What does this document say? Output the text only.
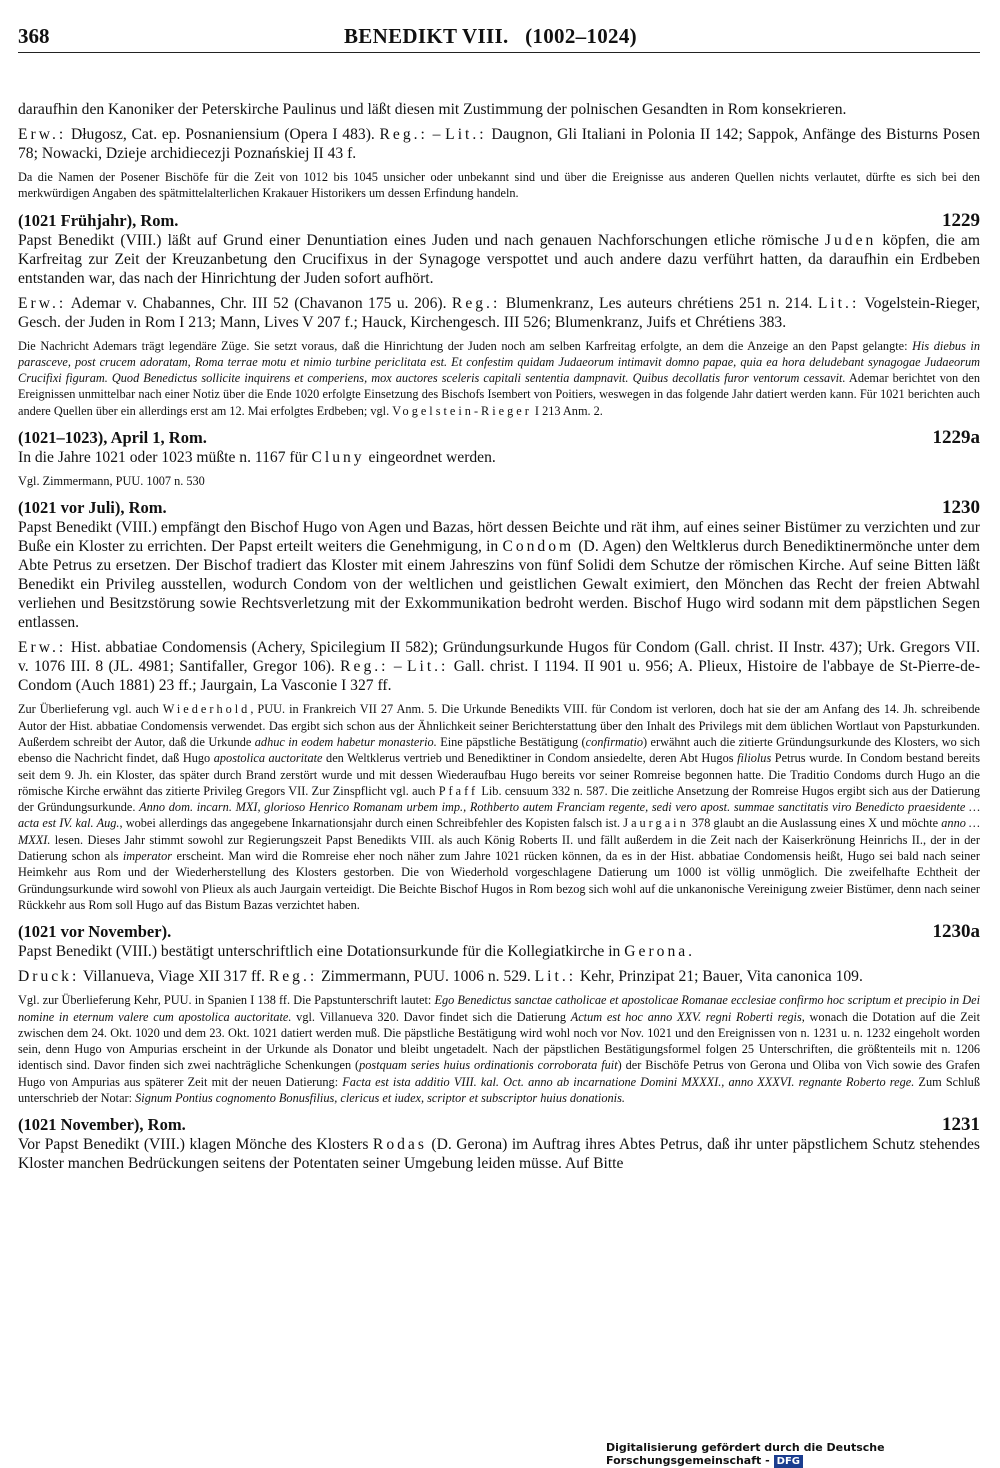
368	BENEDIKT VIII.   (1002–1024)
daraufhin den Kanoniker der Peterskirche Paulinus und läßt diesen mit Zustimmung der polnischen Gesandten in Rom konsekrieren.
Erw.: Długosz, Cat. ep. Posnaniensium (Opera I 483). Reg.: – Lit.: Daugnon, Gli Italiani in Polonia II 142; Sappok, Anfänge des Bisturns Posen 78; Nowacki, Dzieje archidiecezji Poznańskiej II 43 f.
Da die Namen der Posener Bischöfe für die Zeit von 1012 bis 1045 unsicher oder unbekannt sind und über die Ereignisse aus anderen Quellen nichts verlautet, dürfte es sich bei den merkwürdigen Angaben des spätmittelalterlichen Krakauer Historikers um dessen Erfindung handeln.
(1021 Frühjahr), Rom.	1229
Papst Benedikt (VIII.) läßt auf Grund einer Denuntiation eines Juden und nach genauen Nachforschungen etliche römische Juden köpfen, die am Karfreitag zur Zeit der Kreuzanbetung den Crucifixus in der Synagoge verspottet und auch andere dazu verführt hatten, da daraufhin ein Erdbeben entstanden war, das nach der Hinrichtung der Juden sofort aufhört.
Erw.: Ademar v. Chabannes, Chr. III 52 (Chavanon 175 u. 206). Reg.: Blumenkranz, Les auteurs chrétiens 251 n. 214. Lit.: Vogelstein-Rieger, Gesch. der Juden in Rom I 213; Mann, Lives V 207 f.; Hauck, Kirchengesch. III 526; Blumenkranz, Juifs et Chrétiens 383.
Die Nachricht Ademars trägt legendäre Züge. Sie setzt voraus, daß die Hinrichtung der Juden noch am selben Karfreitag erfolgte, an dem die Anzeige an den Papst gelangte: His diebus in parasceve, post crucem adoratam, Roma terrae motu et nimio turbine periclitata est. Et confestim quidam Judaeorum intimavit domno papae, quia ea hora deludebant synagogae Judaeorum Crucifixi figuram. Quod Benedictus sollicite inquirens et comperiens, mox auctores sceleris capitali sententia dampnavit. Quibus decollatis furor ventorum cessavit. Ademar berichtet von den Ereignissen unmittelbar nach einer Notiz über die Ende 1020 erfolgte Einsetzung des Bischofs Isembert von Poitiers, weswegen in das folgende Jahr datiert werden kann. Für 1021 berichten auch andere Quellen über ein allerdings erst am 12. Mai erfolgtes Erdbeben; vgl. Vogelstein-Rieger I 213 Anm. 2.
(1021–1023), April 1, Rom.	1229a
In die Jahre 1021 oder 1023 müßte n. 1167 für Cluny eingeordnet werden.
Vgl. Zimmermann, PUU. 1007 n. 530
(1021 vor Juli), Rom.	1230
Papst Benedikt (VIII.) empfängt den Bischof Hugo von Agen und Bazas, hört dessen Beichte und rät ihm, auf eines seiner Bistümer zu verzichten und zur Buße ein Kloster zu errichten. Der Papst erteilt weiters die Genehmigung, in Condom (D. Agen) den Weltklerus durch Benediktinermönche unter dem Abte Petrus zu ersetzen. Der Bischof tradiert das Kloster mit einem Jahreszins von fünf Solidi dem Schutze der römischen Kirche. Auf seine Bitten läßt Benedikt ein Privileg ausstellen, wodurch Condom von der weltlichen und geistlichen Gewalt eximiert, den Mönchen das Recht der freien Abtwahl verliehen und Besitzstörung sowie Rechtsverletzung mit der Exkommunikation bedroht werden. Bischof Hugo wird sodann mit dem päpstlichen Segen entlassen.
Erw.: Hist. abbatiae Condomensis (Achery, Spicilegium II 582); Gründungsurkunde Hugos für Condom (Gall. christ. II Instr. 437); Urk. Gregors VII. v. 1076 III. 8 (JL. 4981; Santifaller, Gregor 106). Reg.: – Lit.: Gall. christ. I 1194. II 901 u. 956; A. Plieux, Histoire de l'abbaye de St-Pierre-de-Condom (Auch 1881) 23 ff.; Jaurgain, La Vasconie I 327 ff.
Zur Überlieferung vgl. auch Wiederhold, PUU. in Frankreich VII 27 Anm. 5. Die Urkunde Benedikts VIII. für Condom ist verloren, doch hat sie der am Anfang des 14. Jh. schreibende Autor der Hist. abbatiae Condomensis verwendet. Das ergibt sich schon aus der Ähnlichkeit seiner Berichterstattung über den Inhalt des Privilegs mit dem üblichen Wortlaut von Papsturkunden. Außerdem schreibt der Autor, daß die Urkunde adhuc in eodem habetur monasterio. Eine päpstliche Bestätigung (confirmatio) erwähnt auch die zitierte Gründungsurkunde des Klosters, wo sich ebenso die Nachricht findet, daß Hugo apostolica auctoritate den Weltklerus vertrieb und Benediktiner in Condom ansiedelte, deren Abt Hugos filiolus Petrus wurde. In Condom bestand bereits seit dem 9. Jh. ein Kloster, das später durch Brand zerstört wurde und mit dessen Wiederaufbau Hugo bereits vor seiner Romreise begonnen hatte. Die Traditio Condoms durch Hugo an die römische Kirche erwähnt das zitierte Privileg Gregors VII. Zur Zinspflicht vgl. auch Pfaff Lib. censuum 332 n. 587. Die zeitliche Ansetzung der Romreise Hugos ergibt sich aus der Datierung der Gründungsurkunde. Anno dom. incarn. MXI, glorioso Henrico Romanam urbem imp., Rothberto autem Franciam regente, sedi vero apost. summae sanctitatis viro Benedicto praesidente … acta est IV. kal. Aug., wobei allerdings das angegebene Inkarnationsjahr durch einen Schreibfehler des Kopisten falsch ist. Jaurgain 378 glaubt an die Auslassung eines X und möchte anno … MXXI. lesen. Dieses Jahr stimmt sowohl zur Regierungszeit Papst Benedikts VIII. als auch König Roberts II. und fällt außerdem in die Zeit nach der Kaiserkrönung Heinrichs II., der in der Datierung schon als imperator erscheint. Man wird die Romreise eher noch näher zum Jahre 1021 rücken können, da es in der Hist. abbatiae Condomensis heißt, Hugo sei bald nach seiner Heimkehr aus Rom und der Wiederherstellung des Klosters gestorben. Die von Wiederhold vorgeschlagene Datierung um 1000 ist völlig unmöglich. Die zweifelhafte Echtheit der Gründungsurkunde wird sowohl von Plieux als auch Jaurgain verteidigt. Die Beichte Bischof Hugos in Rom bezog sich wohl auf die unkanonische Vereinigung zweier Bistümer, denn nach seiner Rückkehr aus Rom soll Hugo auf das Bistum Bazas verzichtet haben.
(1021 vor November).	1230a
Papst Benedikt (VIII.) bestätigt unterschriftlich eine Dotationsurkunde für die Kollegiatkirche in Gerona.
Druck: Villanueva, Viage XII 317 ff. Reg.: Zimmermann, PUU. 1006 n. 529. Lit.: Kehr, Prinzipat 21; Bauer, Vita canonica 109.
Vgl. zur Überlieferung Kehr, PUU. in Spanien I 138 ff. Die Papstunterschrift lautet: Ego Benedictus sanctae catholicae et apostolicae Romanae ecclesiae confirmo hoc scriptum et precipio in Dei nomine in eternum valere cum apostolica auctoritate. vgl. Villanueva 320. Davor findet sich die Datierung Actum est hoc anno XXV. regni Roberti regis, wonach die Dotation auf die Zeit zwischen dem 24. Okt. 1020 und dem 23. Okt. 1021 datiert werden muß. Die päpstliche Bestätigung wird wohl noch vor Nov. 1021 und den Ereignissen von n. 1231 u. n. 1232 eingeholt worden sein, denn Hugo von Ampurias erscheint in der Urkunde als Donator und bleibt ungetadelt. Nach der päpstlichen Bestätigungsformel folgen 25 Unterschriften, die größtenteils mit n. 1206 identisch sind. Davor finden sich zwei nachträgliche Schenkungen (postquam series huius ordinationis corroborata fuit) der Bischöfe Petrus von Gerona und Oliba von Vich sowie des Grafen Hugo von Ampurias aus späterer Zeit mit der neuen Datierung: Facta est ista additio VIII. kal. Oct. anno ab incarnatione Domini MXXXI., anno XXXVI. regnante Roberto rege. Zum Schluß unterschrieb der Notar: Signum Pontius cognomento Bonusfilius, clericus et iudex, scriptor et subscriptor huius donationis.
(1021 November), Rom.	1231
Vor Papst Benedikt (VIII.) klagen Mönche des Klosters Rodas (D. Gerona) im Auftrag ihres Abtes Petrus, daß ihr unter päpstlichem Schutz stehendes Kloster manchen Bedrückungen seitens der Potentaten seiner Umgebung leiden müsse. Auf Bitte
Digitalisierung gefördert durch die Deutsche Forschungsgemeinschaft - DFG
